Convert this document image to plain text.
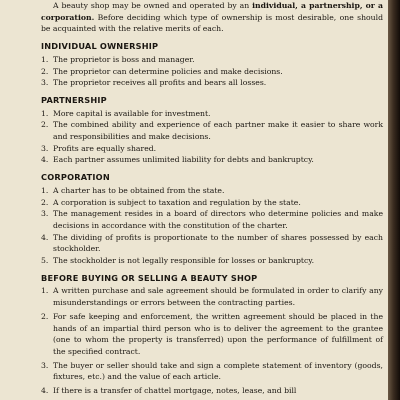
A beauty shop may be owned and operated by an individual, a partnership, or a corporation. Before deciding which type of ownership is most desirable, one should be acquainted with the relative merits of each.

INDIVIDUAL OWNERSHIP
1. The proprietor is boss and manager.
2. The proprietor can determine policies and make decisions.
3. The proprietor receives all profits and bears all losses.
PARTNERSHIP
1. More capital is available for investment.
2. The combined ability and experience of each partner make it easier to share work and responsibilities and make decisions.
3. Profits are equally shared.
4. Each partner assumes unlimited liability for debts and bankruptcy.
CORPORATION
1. A charter has to be obtained from the state.
2. A corporation is subject to taxation and regulation by the state.
3. The management resides in a board of directors who determine policies and make decisions in accordance with the constitution of the charter.
4. The dividing of profits is proportionate to the number of shares possessed by each stockholder.
5. The stockholder is not legally responsible for losses or bankruptcy.
BEFORE BUYING OR SELLING A BEAUTY SHOP
1. A written purchase and sale agreement should be formulated in order to clarify any misunderstandings or errors between the contracting parties.
2. For safe keeping and enforcement, the written agreement should be placed in the hands of an impartial third person who is to deliver the agreement to the grantee (one to whom the property is transferred) upon the performance of fulfillment of the specified contract.
3. The buyer or seller should take and sign a complete statement of inventory (goods, fixtures, etc.) and the value of each article.
4. If there is a transfer of chattel mortgage, notes, lease, and bill
